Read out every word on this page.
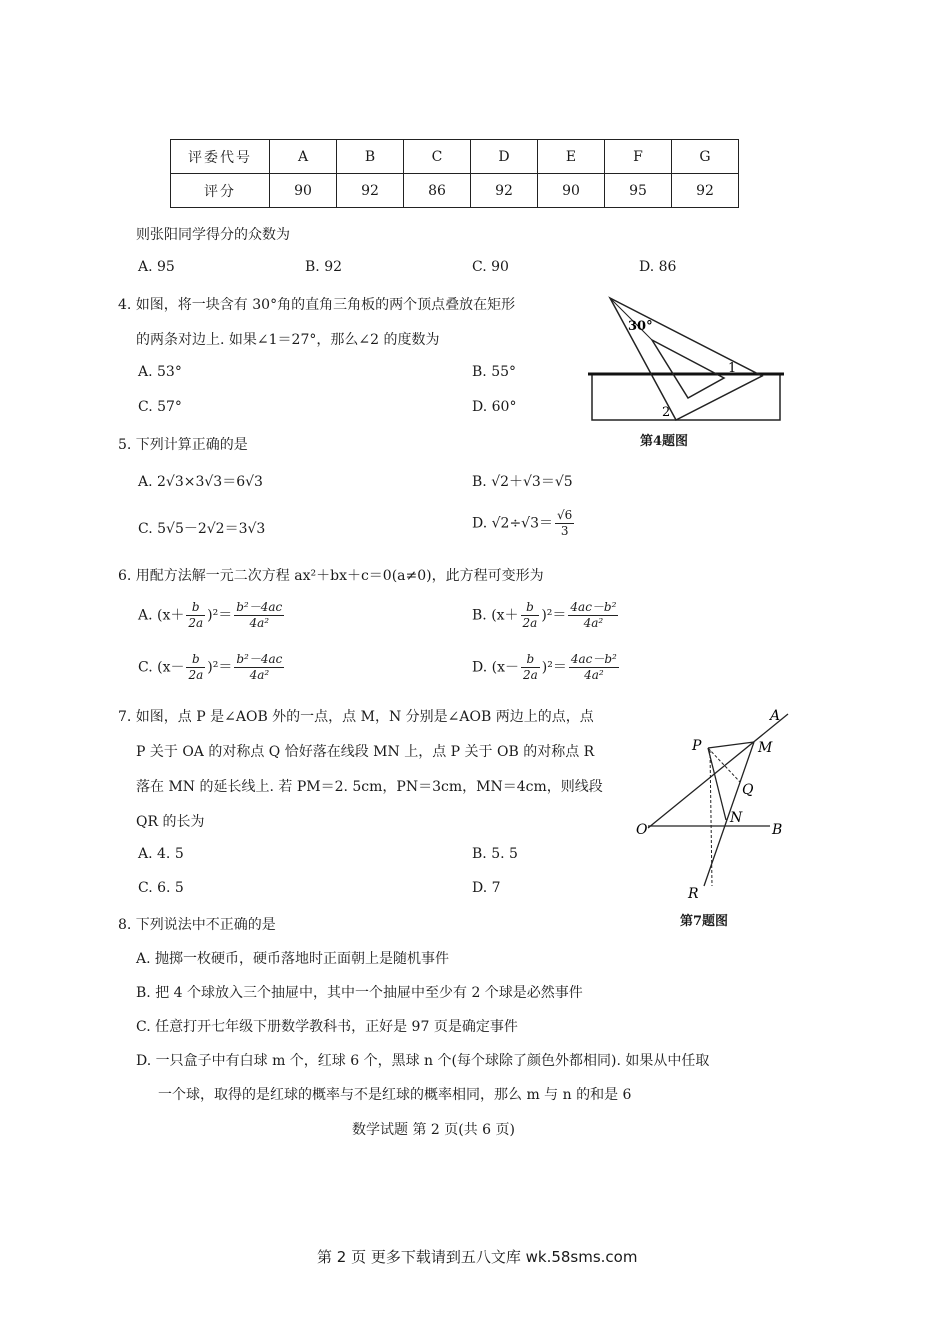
评委代号	A	B	C	D	E	F	G
评分	90	92	86	92	90	95	92
则张阳同学得分的众数为
A. 95	B. 92	C. 90	D. 86
4. 如图，将一块含有 30°角的直角三角板的两个顶点叠放在矩形
的两条对边上. 如果∠1＝27°，那么∠2 的度数为
A. 53°	B. 55°
C. 57°	D. 60°
30°
1
2
第4题图
5. 下列计算正确的是
A. 2√3×3√3＝6√3	B. √2＋√3＝√5
C. 5√5－2√2＝3√3	D. $√2\div√3= \frac{√6}{3}$
6. 用配方法解一元二次方程 ax²＋bx＋c＝0(a≠0)，此方程可变形为
A. $(x+ \frac{b}{2a} )^2= \frac{\text{b²－4ac}}{\text{4a²}}$	B. $(x+ \frac{b}{2a} )^2= \frac{\text{4ac－b²}}{\text{4a²}}$
C. $(x- \frac{b}{2a} )^2= \frac{\text{b²－4ac}}{\text{4a²}}$	D. $(x- \frac{b}{2a} )^2= \frac{\text{4ac－b²}}{\text{4a²}}$
7. 如图，点 P 是∠AOB 外的一点，点 M，N 分别是∠AOB 两边上的点，点
P 关于 OA 的对称点 Q 恰好落在线段 MN 上，点 P 关于 OB 的对称点 R
落在 MN 的延长线上. 若 PM＝2. 5cm，PN＝3cm，MN＝4cm，则线段
QR 的长为
A. 4. 5	B. 5. 5
C. 6. 5	D. 7
A
P	M
Q
N
O	B
R
第7题图
8. 下列说法中不正确的是
A. 抛掷一枚硬币，硬币落地时正面朝上是随机事件
B. 把 4 个球放入三个抽屉中，其中一个抽屉中至少有 2 个球是必然事件
C. 任意打开七年级下册数学教科书，正好是 97 页是确定事件
D. 一只盒子中有白球 m 个，红球 6 个，黑球 n 个(每个球除了颜色外都相同). 如果从中任取
一个球，取得的是红球的概率与不是红球的概率相同，那么 m 与 n 的和是 6
数学试题 第 2 页(共 6 页)
第 2 页 更多下载请到五八文库 wk.58sms.com
